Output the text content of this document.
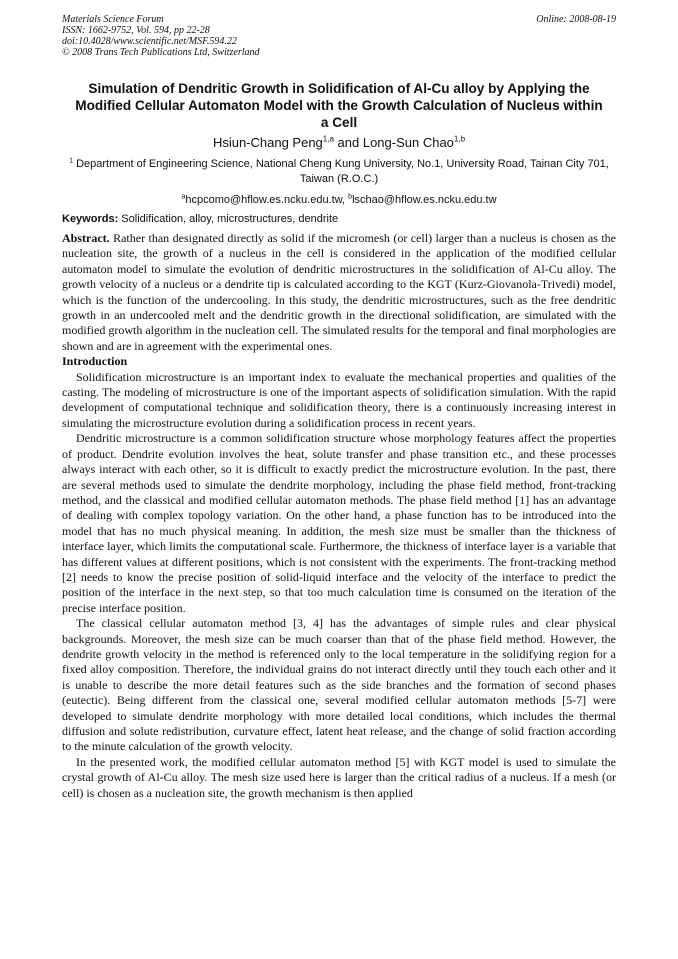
Materials Science Forum
ISSN: 1662-9752, Vol. 594, pp 22-28
doi:10.4028/www.scientific.net/MSF.594.22
© 2008 Trans Tech Publications Ltd, Switzerland
Online: 2008-08-19
Simulation of Dendritic Growth in Solidification of Al-Cu alloy by Applying the Modified Cellular Automaton Model with the Growth Calculation of Nucleus within a Cell
Hsiun-Chang Peng$^{1,a}$ and Long-Sun Chao$^{1,b}$
$^1$ Department of Engineering Science, National Cheng Kung University, No.1, University Road, Tainan City 701, Taiwan (R.O.C.)
$^a$hcpcomo@hflow.es.ncku.edu.tw, $^b$lschao@hflow.es.ncku.edu.tw
Keywords: Solidification, alloy, microstructures, dendrite

Abstract. Rather than designated directly as solid if the micromesh (or cell) larger than a nucleus is chosen as the nucleation site, the growth of a nucleus in the cell is considered in the application of the modified cellular automaton model to simulate the evolution of dendritic microstructures in the solidification of Al-Cu alloy. The growth velocity of a nucleus or a dendrite tip is calculated according to the KGT (Kurz-Giovanola-Trivedi) model, which is the function of the undercooling. In this study, the dendritic microstructures, such as the free dendritic growth in an undercooled melt and the dendritic growth in the directional solidification, are simulated with the modified growth algorithm in the nucleation cell. The simulated results for the temporal and final morphologies are shown and are in agreement with the experimental ones.

Introduction

Solidification microstructure is an important index to evaluate the mechanical properties and qualities of the casting. The modeling of microstructure is one of the important aspects of solidification simulation. With the rapid development of computational technique and solidification theory, there is a continuously increasing interest in simulating the microstructure evolution during a solidification process in recent years.

Dendritic microstructure is a common solidification structure whose morphology features affect the properties of product. Dendrite evolution involves the heat, solute transfer and phase transition etc., and these processes always interact with each other, so it is difficult to exactly predict the microstructure evolution. In the past, there are several methods used to simulate the dendrite morphology, including the phase field method, front-tracking method, and the classical and modified cellular automaton methods. The phase field method [1] has an advantage of dealing with complex topology variation. On the other hand, a phase function has to be introduced into the model that has no much physical meaning. In addition, the mesh size must be smaller than the thickness of interface layer, which limits the computational scale. Furthermore, the thickness of interface layer is a variable that has different values at different positions, which is not consistent with the experiments. The front-tracking method [2] needs to know the precise position of solid-liquid interface and the velocity of the interface to predict the position of the interface in the next step, so that too much calculation time is consumed on the iteration of the precise interface position.

The classical cellular automaton method [3, 4] has the advantages of simple rules and clear physical backgrounds. Moreover, the mesh size can be much coarser than that of the phase field method. However, the dendrite growth velocity in the method is referenced only to the local temperature in the solidifying region for a fixed alloy composition. Therefore, the individual grains do not interact directly until they touch each other and it is unable to describe the more detail features such as the side branches and the formation of second phases (eutectic). Being different from the classical one, several modified cellular automaton methods [5-7] were developed to simulate dendrite morphology with more detailed local conditions, which includes the thermal diffusion and solute redistribution, curvature effect, latent heat release, and the change of solid fraction according to the minute calculation of the growth velocity.

In the presented work, the modified cellular automaton method [5] with KGT model is used to simulate the crystal growth of Al-Cu alloy. The mesh size used here is larger than the critical radius of a nucleus. If a mesh (or cell) is chosen as a nucleation site, the growth mechanism is then applied
